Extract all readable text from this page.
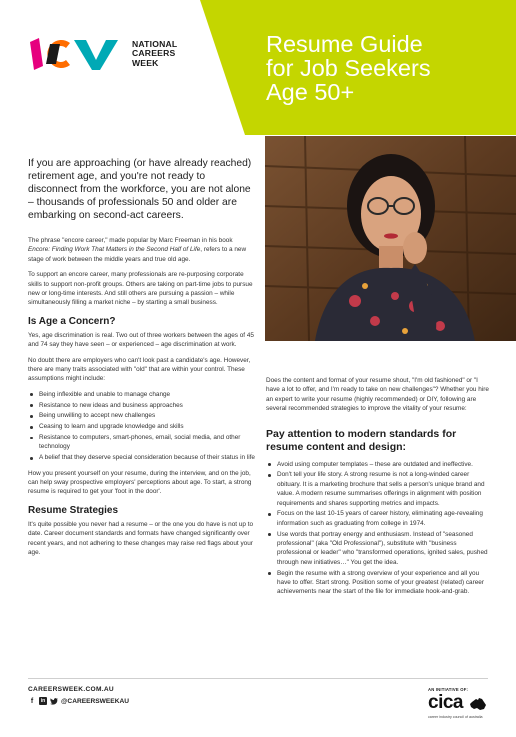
NATIONAL
CAREERS
WEEK
Resume Guide
for Job Seekers
Age 50+
If you are approaching (or have already reached) retirement age, and you're not ready to disconnect from the workforce, you are not alone – thousands of professionals 50 and older are embarking on second-act careers.

The phrase "encore career," made popular by Marc Freeman in his book Encore: Finding Work That Matters in the Second Half of Life, refers to a new stage of work between the middle years and true old age.

To support an encore career, many professionals are re-purposing corporate skills to support non-profit groups. Others are taking on part-time jobs to pursue new or long-time interests. And still others are pursuing a passion – while simultaneously filling a market niche – by starting a small business.

Is Age a Concern?

Yes, age discrimination is real. Two out of three workers between the ages of 45 and 74 say they have seen – or experienced – age discrimination at work.

No doubt there are employers who can't look past a candidate's age. However, there are many traits associated with "old" that are within your control. These assumptions might include:

Being inflexible and unable to manage change
Resistance to new ideas and business approaches
Being unwilling to accept new challenges
Ceasing to learn and upgrade knowledge and skills
Resistance to computers, smart-phones, email, social media, and other technology
A belief that they deserve special consideration because of their status in life

How you present yourself on your resume, during the interview, and on the job, can help sway prospective employers' perceptions about age. To start, a strong resume is required to get your 'foot in the door'.

Resume Strategies

It's quite possible you never had a resume – or the one you do have is not up to date. Career document standards and formats have changed significantly over recent years, and not adhering to these changes may raise red flags about your age.

Does the content and format of your resume shout, "I'm old fashioned" or "I have a lot to offer, and I'm ready to take on new challenges"? Whether you hire an expert to write your resume (highly recommended) or DIY, following are several recommended strategies to improve the vitality of your resume:

Pay attention to modern standards for resume content and design:
Avoid using computer templates – these are outdated and ineffective.
Don't tell your life story. A strong resume is not a long-winded career obituary. It is a marketing brochure that sells a person's unique brand and value. A modern resume summarises offerings in alignment with position requirements and shares supporting metrics and impacts.
Focus on the last 10-15 years of career history, eliminating age-revealing information such as graduating from college in 1974.
Use words that portray energy and enthusiasm. Instead of "seasoned professional" (aka "Old Professional"), substitute with "business professional or leader" who "transformed operations, ignited sales, pushed through new initiatives…" You get the idea.
Begin the resume with a strong overview of your experience and all you have to offer. Start strong. Position some of your greatest (related) career achievements near the start of the file for immediate hook-and-grab.
CAREERSWEEK.COM.AU
f	in @CAREERSWEEKAU
AN INITIATIVE OF:
cica
career industry council of australia
